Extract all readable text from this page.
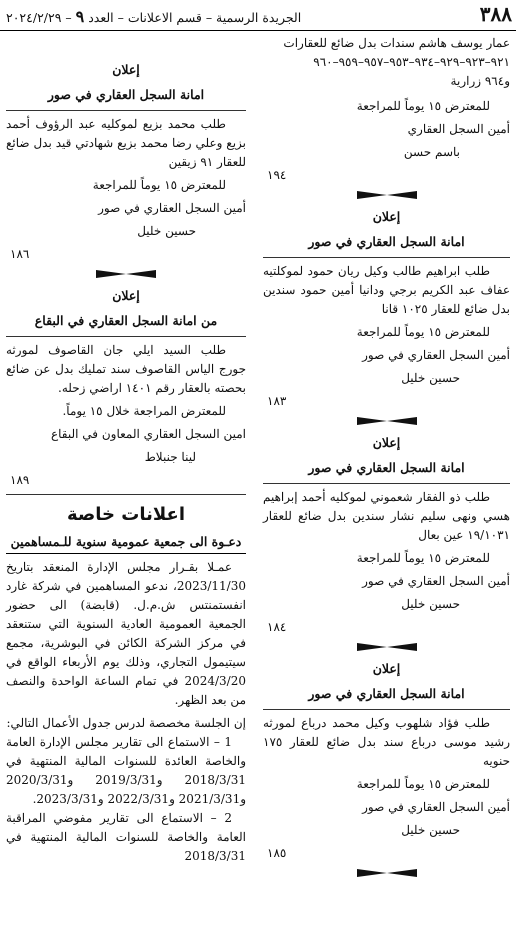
٣٨٨
الجريدة الرسمية – قسم الاعلانات – العدد ٩ – ٢٠٢٤/٢/٢٩

عمار يوسف هاشم سندات بدل ضائع للعقارات

٩٢١–٩٢٣–٩٢٩–٩٣٤–٩٥٣–٩٥٧–٩٥٩–٩٦٠

و٩٦٤ زرارية

للمعترض ١٥ يوماً للمراجعة

أمين السجل العقاري

باسم حسن

١٩٤

إعلان
امانة السجل العقاري في صور

طلب ابراهيم طالب وكيل ريان حمود لموكلتيه عفاف عبد الكريم برجي ودانيا أمين حمود سندين بدل ضائع للعقار ١٠٢٥ قانا

للمعترض ١٥ يوماً للمراجعة

أمين السجل العقاري في صور

حسين خليل

١٨٣

إعلان
امانة السجل العقاري في صور

طلب ذو الفقار شعموني لموكليه أحمد إبراهيم هسي ونهى سليم نشار سندين بدل ضائع للعقار ١٩/١٠٣١ عين بعال

للمعترض ١٥ يوماً للمراجعة

أمين السجل العقاري في صور

حسين خليل

١٨٤

إعلان
امانة السجل العقاري في صور

طلب فؤاد شلهوب وكيل محمد درباع لمورثه رشيد موسى درباع سند بدل ضائع للعقار ١٧٥ حنويه

للمعترض ١٥ يوماً للمراجعة

أمين السجل العقاري في صور

حسين خليل

١٨٥

إعلان
امانة السجل العقاري في صور

طلب محمد بزيع لموكليه عبد الرؤوف أحمد بزيع وعلي رضا محمد بزيع شهادتي قيد بدل ضائع للعقار ٩١ زيقين

للمعترض ١٥ يوماً للمراجعة

أمين السجل العقاري في صور

حسين خليل

١٨٦

إعلان
من امانة السجل العقاري في البقاع

طلب السيد ايلي جان القاصوف لمورثه جورج الياس القاصوف سند تمليك بدل عن ضائع بحصته بالعقار رقم ١٤٠١ اراضي زحله.

للمعترض المراجعة خلال ١٥ يوماً.

امين السجل العقاري المعاون في البقاع

لينا جنبلاط

١٨٩

اعلانات خاصة
دعـوة الى جمعية عمومية سنوية للـمساهمين

عمـلا بقـرار مجلس الإدارة المنعقد بتاريخ 2023/11/30، ندعو المساهمين في شركة غارد انفستمنتس ش.م.ل. (قابضة) الى حضور الجمعية العمومية العادية السنوية التي ستنعقد في مركز الشركة الكائن في البوشرية، مجمع سيتيمول التجاري، وذلك يوم الأربعاء الواقع في 2024/3/20 في تمام الساعة الواحدة والنصف من بعد الظهر.

إن الجلسة مخصصة لدرس جدول الأعمال التالي:

1 – الاستماع الى تقارير مجلس الإدارة العامة والخاصة العائدة للسنوات المالية المنتهية في 2018/3/31 و2019/3/31 و2020/3/31 و2021/3/31 و2022/3/31 و2023/3/31.

2 – الاستماع الى تقارير مفوضي المراقبة العامة والخاصة للسنوات المالية المنتهية في 2018/3/31
